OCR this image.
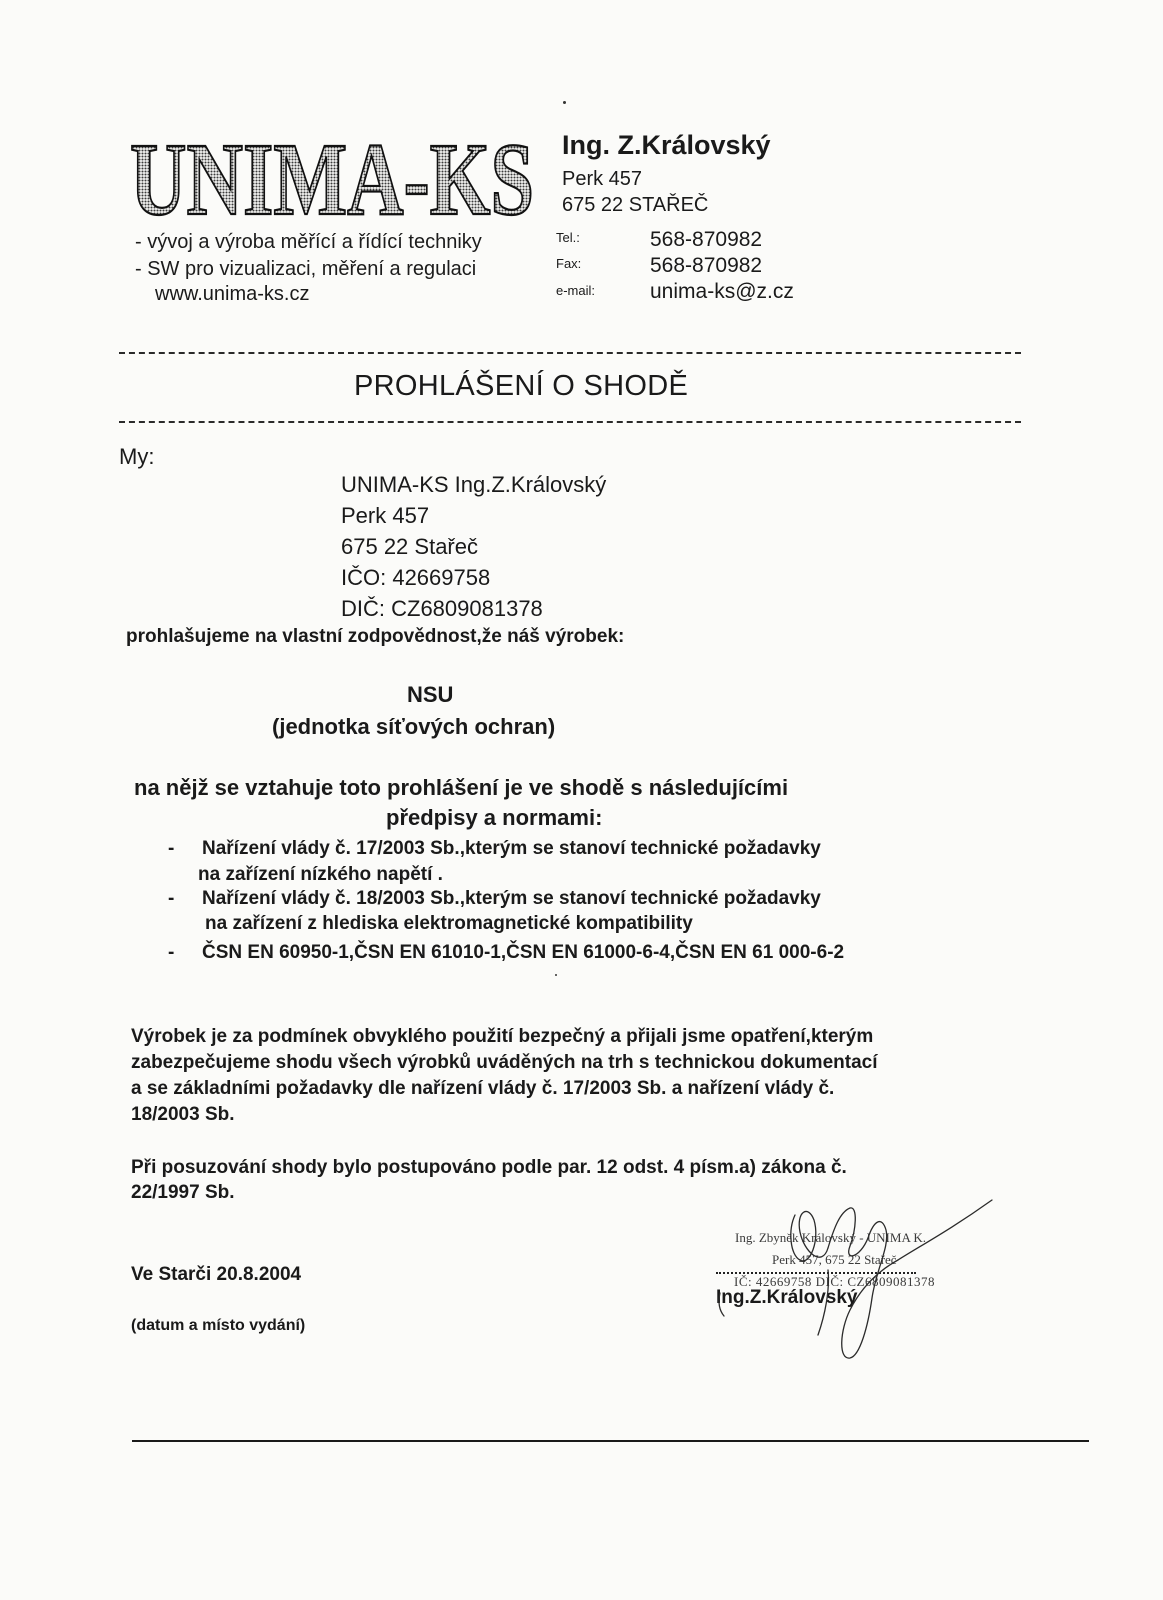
UNIMA-KS
- vývoj a výroba měřící a řídící techniky
- SW pro vizualizaci, měření a regulaci
www.unima-ks.cz
Ing. Z.Královský
Perk 457
675 22 STAŘEČ
Tel.:	568-870982
Fax:	568-870982
e-mail:	unima-ks@z.cz
PROHLÁŠENÍ O SHODĚ
My:
UNIMA-KS Ing.Z.Královský
Perk 457
675 22 Stařeč
IČO: 42669758
DIČ: CZ6809081378
prohlašujeme na vlastní zodpovědnost,že náš výrobek:
NSU
(jednotka síťových ochran)
na nějž se vztahuje toto prohlášení je ve shodě s následujícími
předpisy a normami:
- Nařízení vlády č. 17/2003 Sb.,kterým se stanoví technické požadavky
na zařízení nízkého napětí .
- Nařízení vlády č. 18/2003 Sb.,kterým se stanoví technické požadavky
na zařízení z hlediska elektromagnetické kompatibility
- ČSN EN 60950-1,ČSN EN 61010-1,ČSN EN 61000-6-4,ČSN EN 61 000-6-2
Výrobek je za podmínek obvyklého použití bezpečný a přijali jsme opatření,kterým
zabezpečujeme shodu všech výrobků uváděných na trh s technickou dokumentací
a se základními požadavky dle nařízení vlády č. 17/2003 Sb. a nařízení vlády č.
18/2003 Sb.
Při posuzování shody bylo postupováno podle par. 12 odst. 4 písm.a) zákona č.
22/1997 Sb.
Ve Starči 20.8.2004
(datum a místo vydání)
Ing. Zbyněk Královský - UNIMA K.
Perk 457, 675 22 Stařeč
IČ: 42669758 DIČ: CZ6809081378
Ing.Z.Královský
